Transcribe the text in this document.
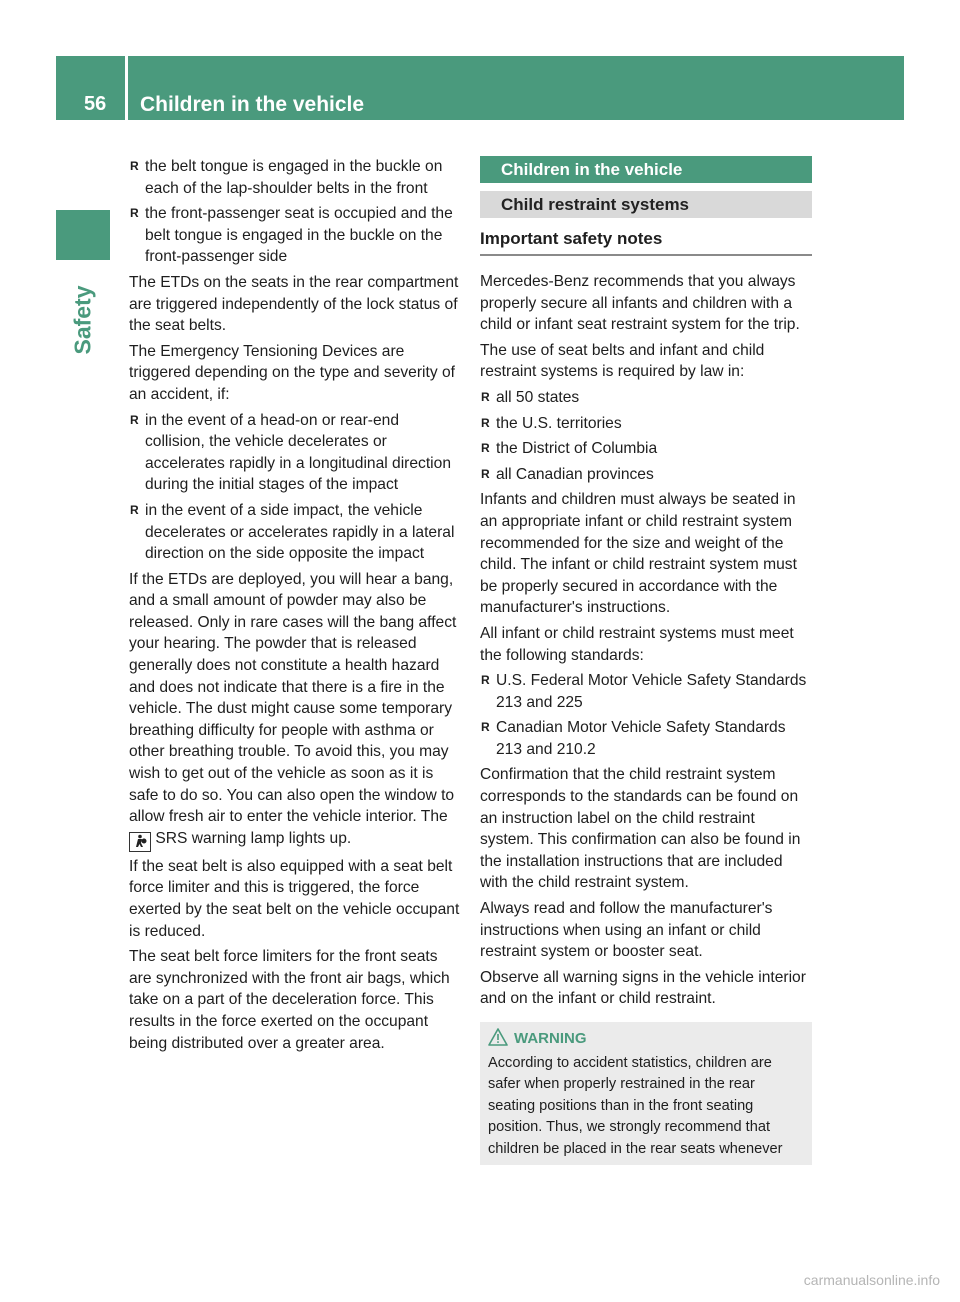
56 Children in the vehicle
Safety
R the belt tongue is engaged in the buckle on each of the lap-shoulder belts in the front
R the front-passenger seat is occupied and the belt tongue is engaged in the buckle on the front-passenger side

The ETDs on the seats in the rear compartment are triggered independently of the lock status of the seat belts.

The Emergency Tensioning Devices are triggered depending on the type and severity of an accident, if:

R in the event of a head-on or rear-end collision, the vehicle decelerates or accelerates rapidly in a longitudinal direction during the initial stages of the impact
R in the event of a side impact, the vehicle decelerates or accelerates rapidly in a lateral direction on the side opposite the impact

If the ETDs are deployed, you will hear a bang, and a small amount of powder may also be released. Only in rare cases will the bang affect your hearing. The powder that is released generally does not constitute a health hazard and does not indicate that there is a fire in the vehicle. The dust might cause some temporary breathing difficulty for people with asthma or other breathing trouble. To avoid this, you may wish to get out of the vehicle as soon as it is safe to do so. You can also open the window to allow fresh air to enter the vehicle interior. The  SRS warning lamp lights up.

If the seat belt is also equipped with a seat belt force limiter and this is triggered, the force exerted by the seat belt on the vehicle occupant is reduced.

The seat belt force limiters for the front seats are synchronized with the front air bags, which take on a part of the deceleration force. This results in the force exerted on the occupant being distributed over a greater area.

Children in the vehicle
Child restraint systems
Important safety notes

Mercedes-Benz recommends that you always properly secure all infants and children with a child or infant seat restraint system for the trip.

The use of seat belts and infant and child restraint systems is required by law in:

R all 50 states
R the U.S. territories
R the District of Columbia
R all Canadian provinces

Infants and children must always be seated in an appropriate infant or child restraint system recommended for the size and weight of the child. The infant or child restraint system must be properly secured in accordance with the manufacturer's instructions.

All infant or child restraint systems must meet the following standards:

R U.S. Federal Motor Vehicle Safety Standards 213 and 225
R Canadian Motor Vehicle Safety Standards 213 and 210.2

Confirmation that the child restraint system corresponds to the standards can be found on an instruction label on the child restraint system. This confirmation can also be found in the installation instructions that are included with the child restraint system.

Always read and follow the manufacturer's instructions when using an infant or child restraint system or booster seat.

Observe all warning signs in the vehicle interior and on the infant or child restraint.

WARNING
According to accident statistics, children are safer when properly restrained in the rear seating positions than in the front seating position. Thus, we strongly recommend that children be placed in the rear seats whenever
carmanualsonline.info
